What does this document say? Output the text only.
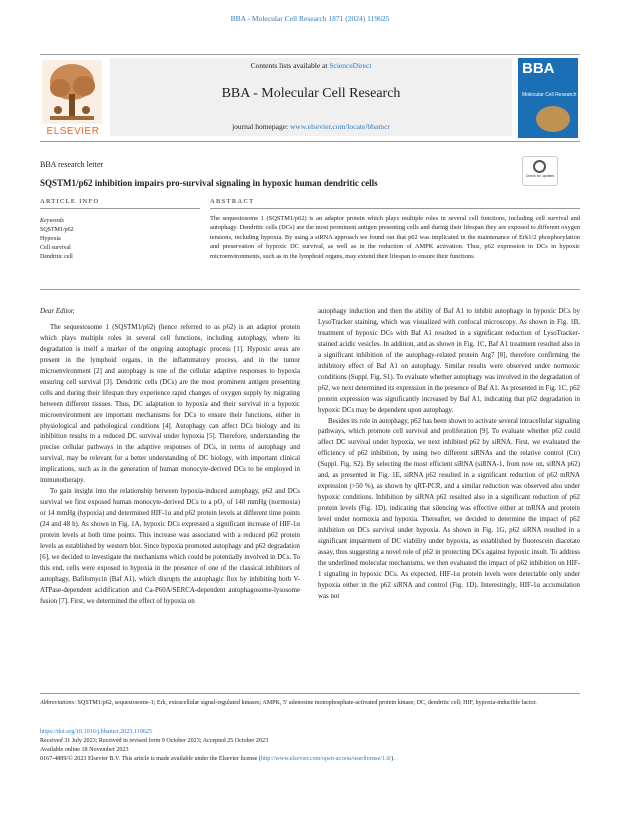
BBA - Molecular Cell Research 1871 (2024) 119625
ELSEVIER
Contents lists available at ScienceDirect
BBA - Molecular Cell Research
journal homepage: www.elsevier.com/locate/bbamcr
BBA
Molecular Cell Research
BBA research letter
SQSTM1/p62 inhibition impairs pro-survival signaling in hypoxic human dendritic cells
Check for updates
ARTICLE INFO	ABSTRACT
Keywords
SQSTM1/p62
Hypoxia
Cell survival
Dendritic cell
The sequestosome 1 (SQSTM1/p62) is an adaptor protein which plays multiple roles in several cell functions, including cell survival and autophagy. Dendritic cells (DCs) are the most prominent antigen presenting cells and during their lifespan they are exposed to different oxygen tensions, including hypoxia. By using a siRNA approach we found out that p62 was implicated in the maintenance of Erk1/2 phosphorylation and preservation of hypoxic DC survival, as well as in the reduction of AMPK activation. Thus, p62 expression in DCs in hypoxic microenvironments, such as in the lymphoid organs, may extend their lifespan to ensure their functions.

Dear Editor,

The sequestosome 1 (SQSTM1/p62) (hence referred to as p62) is an adaptor protein which plays multiple roles in several cell functions, including autophagy, where its degradation is itself a marker of the ongoing autophagic process [1]. Hypoxic areas are present in the lymphoid organs, in the inflammatory process, and in the tumor microenvironment [2] and autophagy is one of the cellular adaptive responses to hypoxia ensuring cell survival [3]. Dendritic cells (DCs) are the most prominent antigen presenting cells and during their lifespan they experience rapid changes of oxygen supply by migrating between different tissues. Thus, DC adaptation to hypoxia and their survival in a hypoxic microenvironment are important mechanisms for DCs to ensure their functions, either in physiological and pathological conditions [4]. Autophagy can affect DCs biology and its inhibition results in a reduced DC survival under hypoxia [5]. Therefore, understanding the precise cellular pathways in the adaptive responses of DCs, in terms of autophagy and survival, may be relevant for a better understanding of DC biology, with important clinical implications, such as in the generation of human monocyte-derived DCs to be employed in immunotherapy.

To gain insight into the relationship between hypoxia-induced autophagy, p62 and DCs survival we first exposed human monocyte-derived DCs to a pO₂ of 140 mmHg (normoxia) or 14 mmHg (hypoxia) and determined HIF-1α and p62 protein levels at different time points (24 and 48 h). As shown in Fig. 1A, hypoxic DCs expressed a significant increase of HIF-1α protein levels at both time points. This increase was associated with a reduced p62 protein levels as established by western blot. Since hypoxia promoted autophagy and p62 degradation [6], we decided to investigate the mechanisms which could be potentially involved in DCs. To this end, cells were exposed to hypoxia in the presence of one of the classical inhibitors of autophagy, Bafilomycin (Baf A1), which disrupts the autophagic flux by inhibiting both V-ATPase-dependent acidification and Ca-P60A/SERCA-dependent autophagosome-lysosome fusion [7]. First, we determined the effect of hypoxia on

autophagy induction and then the ability of Baf A1 to inhibit autophagy in hypoxic DCs by LysoTracker staining, which was visualized with confocal microscopy. As shown in Fig. 1B, treatment of hypoxic DCs with Baf A1 resulted in a significant reduction of LysoTracker- stained acidic vesicles. In addition, and as shown in Fig. 1C, Baf A1 treatment resulted also in a significant inhibition of the autophagy-related protein Atg7 [8], therefore confirming the inhibitory effect of Baf A1 on autophagy. Similar results were observed under normoxic conditions (Suppl. Fig. S1). To evaluate whether autophagy was involved in the degradation of p62, we next determined its expression in the presence of Baf A1. As presented in Fig. 1C, p62 protein expression was significantly increased by Baf A1, indicating that p62 degradation in hypoxic DCs may be dependent upon autophagy.

Besides its role in autophagy, p62 has been shown to activate several intracellular signaling pathways, which promote cell survival and proliferation [9]. To evaluate whether p62 could affect DC survival under hypoxia, we next inhibited p62 by siRNA. First, we evaluated the efficiency of p62 inhibition, by using two different siRNAs and the relative control (Ctr) (Suppl. Fig. S2). By selecting the most efficient siRNA (siRNA-1, from now on, siRNA p62) and, as presented in Fig. 1E, siRNA p62 resulted in a significant reduction of p62 mRNA expression (>50 %), as shown by qRT-PCR, and a similar reduction was observed also under hypoxic conditions. Inhibition by siRNA p62 resulted also in a significant reduction of p62 protein levels (Fig. 1D), indicating that silencing was effective either at mRNA and protein level under normoxia and hypoxia. Thereafter, we decided to determine the impact of p62 inhibition on DCs survival under hypoxia. As shown in Fig. 1G, p62 siRNA resulted in a significant impairment of DC viability under hypoxia, as established by fluorescein diacetate assay, thus suggesting a novel role of p62 in protecting DCs against hypoxic insult. To address the underlined molecular mechanisms, we then evaluated the impact of p62 inhibition on HIF-1 signaling in hypoxic DCs. As expected, HIF-1α protein levels were detectable only under hypoxia either in the p62 siRNA and control (Fig. 1D). Interestingly, HIF-1α accumulation was not

Abbreviations: SQSTM1/p62, sequestosome-1; Erk, extracellular signal-regulated kinases; AMPK, 5′ adenosine monophosphate-activated protein kinase; DC, dendritic cell; HIF, hypoxia-inducible factor.
https://doi.org/10.1016/j.bbamcr.2023.119625
Received 31 July 2023; Received in revised form 9 October 2023; Accepted 25 October 2023
Available online 18 November 2023
0167-4889/© 2023 Elsevier B.V. This article is made available under the Elsevier license (http://www.elsevier.com/open-access/userlicense/1.0/).
